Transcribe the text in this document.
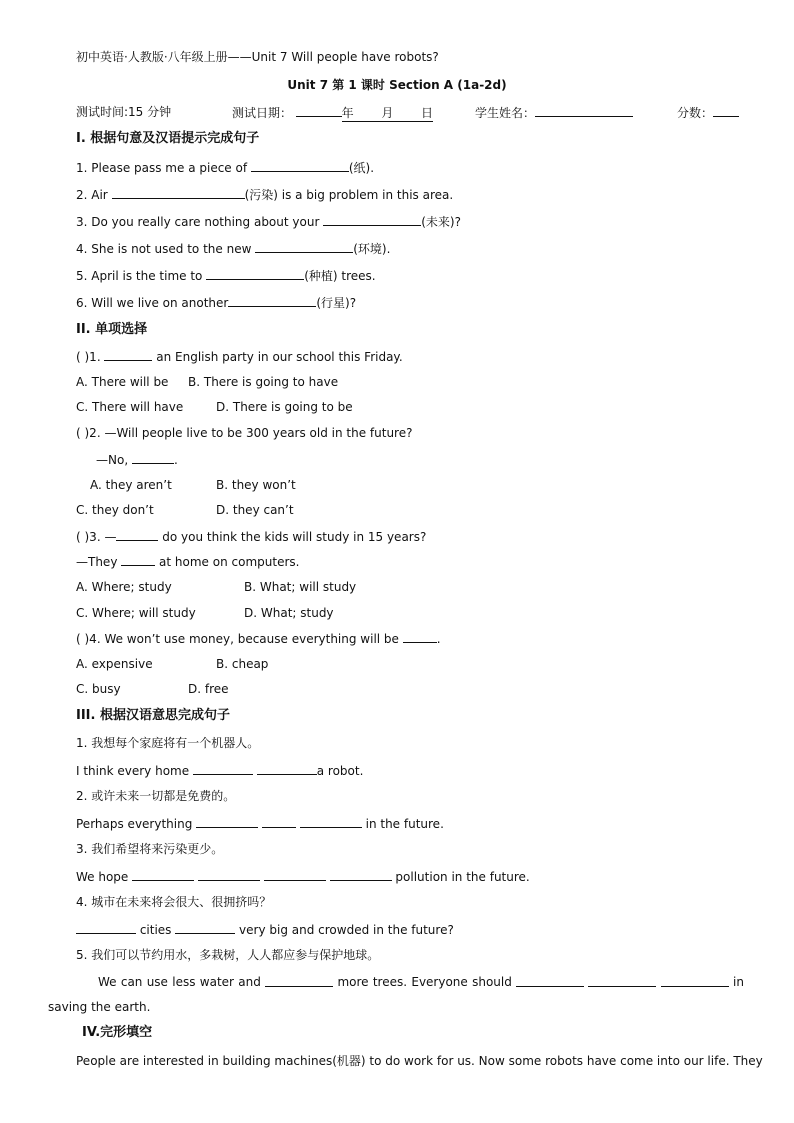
初中英语·人教版·八年级上册——Unit 7 Will people have robots?
Unit 7 第 1 课时 Section A (1a-2d)
测试时间:15 分钟	测试日期：	年 月 日	学生姓名：	分数：
I. 根据句意及汉语提示完成句子
1. Please pass me a piece of	(纸).
2. Air	(污染) is a big problem in this area.
3. Do you really care nothing about your	(未来)?
4. She is not used to the new	(环境).
5. April is the time to	(种植) trees.
6. Will we live on another	(行星)?
II. 单项选择
( )1.	an English party in our school this Friday.
A. There will be B. There is going to have
C. There will have	D. There is going to be
( )2. —Will people live to be 300 years old in the future?
—No,	.
A. they aren’t	B. they won’t
C. they don’t	D. they can’t
( )3. —	do you think the kids will study in 15 years?
—They	at home on computers.
A. Where; study	B. What; will study
C. Where; will study	D. What; study
( )4. We won’t use money, because everything will be	.
A. expensive	B. cheap
C. busy	D. free
III. 根据汉语意思完成句子
1. 我想每个家庭将有一个机器人。
I think every home	a robot.
2. 或许未来一切都是免费的。
Perhaps everything	in the future.
3. 我们希望将来污染更少。
We hope	pollution in the future.
4. 城市在未来将会很大、很拥挤吗？
cities	very big and crowded in the future?
5. 我们可以节约用水，多栽树，人人都应参与保护地球。
We can use less water and	more trees. Everyone should	in
saving the earth.
IV.完形填空
People are interested in building machines(机器) to do work for us. Now some robots have come into our life. They
